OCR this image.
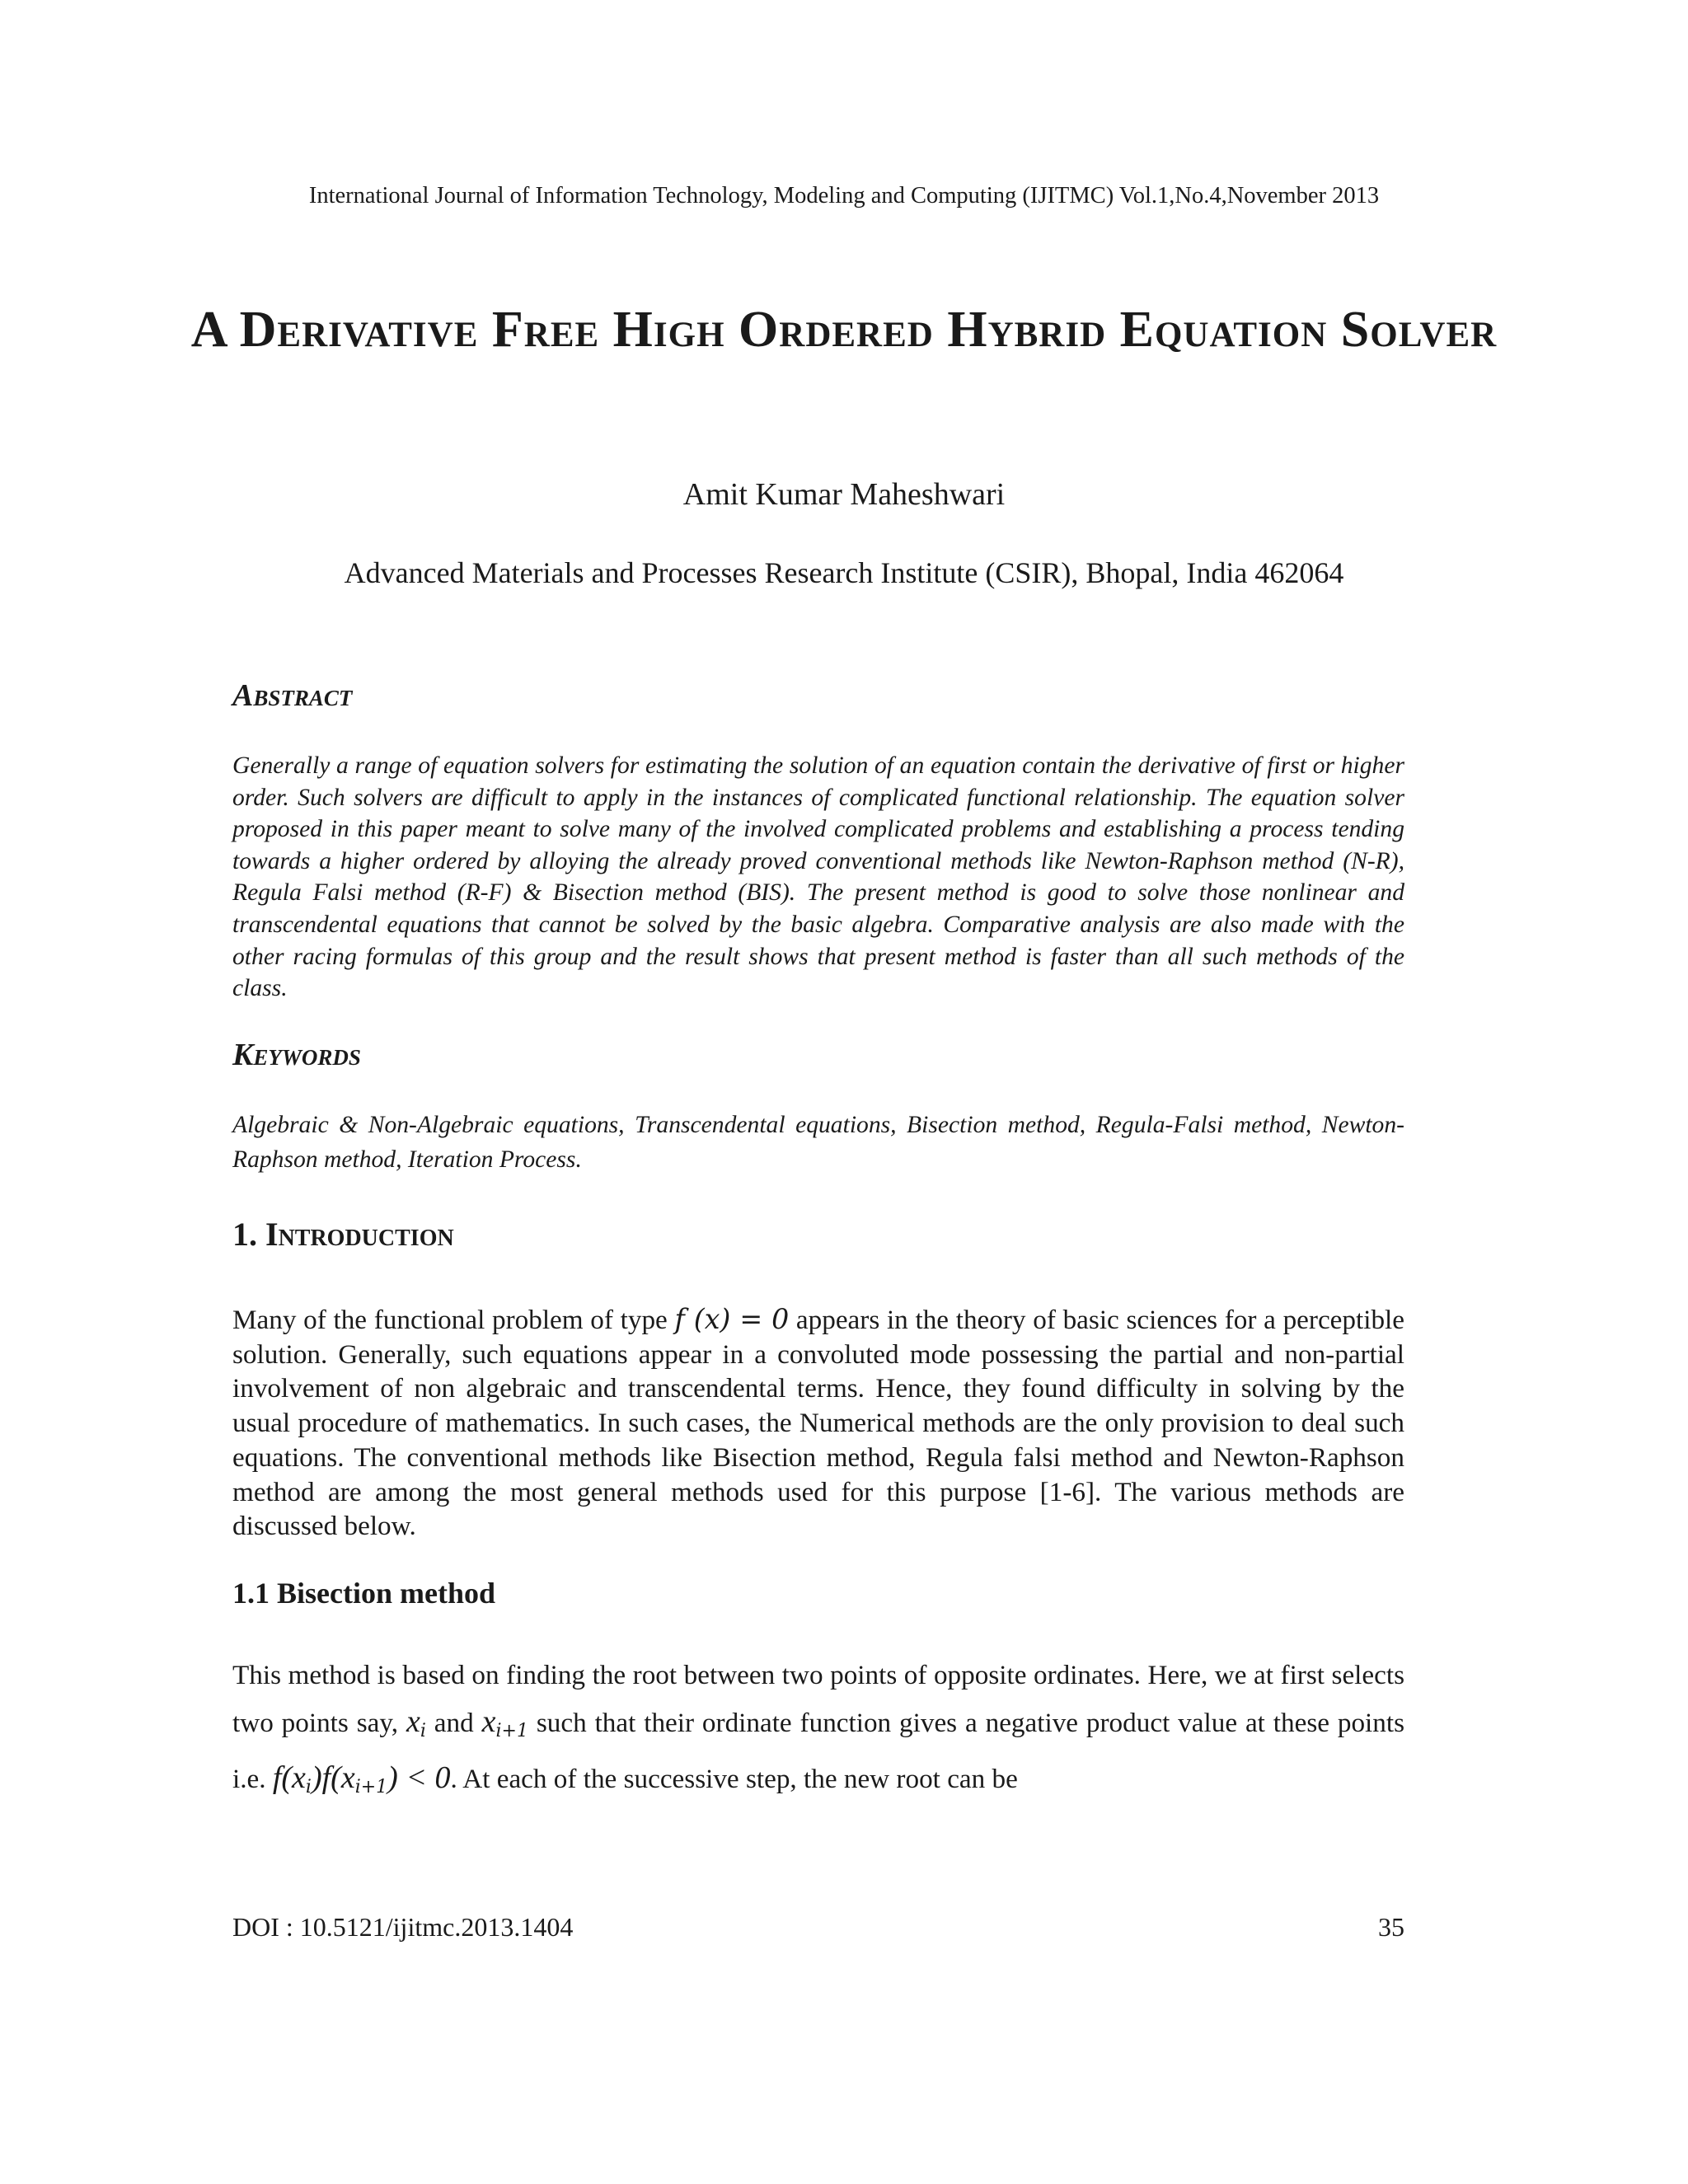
International Journal of Information Technology, Modeling and Computing (IJITMC) Vol.1,No.4,November 2013
A Derivative Free High Ordered Hybrid Equation Solver
Amit Kumar Maheshwari
Advanced Materials and Processes Research Institute (CSIR), Bhopal, India 462064
Abstract
Generally a range of equation solvers for estimating the solution of an equation contain the derivative of first or higher order. Such solvers are difficult to apply in the instances of complicated functional relationship. The equation solver proposed in this paper meant to solve many of the involved complicated problems and establishing a process tending towards a higher ordered by alloying the already proved conventional methods like Newton-Raphson method (N-R), Regula Falsi method (R-F) & Bisection method (BIS). The present method is good to solve those nonlinear and transcendental equations that cannot be solved by the basic algebra. Comparative analysis are also made with the other racing formulas of this group and the result shows that present method is faster than all such methods of the class.
Keywords
Algebraic & Non-Algebraic equations, Transcendental equations, Bisection method, Regula-Falsi method, Newton-Raphson method, Iteration Process.
1. Introduction
Many of the functional problem of type f (x) = 0 appears in the theory of basic sciences for a perceptible solution. Generally, such equations appear in a convoluted mode possessing the partial and non-partial involvement of non algebraic and transcendental terms. Hence, they found difficulty in solving by the usual procedure of mathematics. In such cases, the Numerical methods are the only provision to deal such equations. The conventional methods like Bisection method, Regula falsi method and Newton-Raphson method are among the most general methods used for this purpose [1-6]. The various methods are discussed below.
1.1 Bisection method
This method is based on finding the root between two points of opposite ordinates. Here, we at first selects two points say, $x_i$ and $x_{i+1}$ such that their ordinate function gives a negative product value at these points i.e. $f(x_i)f(x_{i+1}) < 0$. At each of the successive step, the new root can be
DOI : 10.5121/ijitmc.2013.1404	35
